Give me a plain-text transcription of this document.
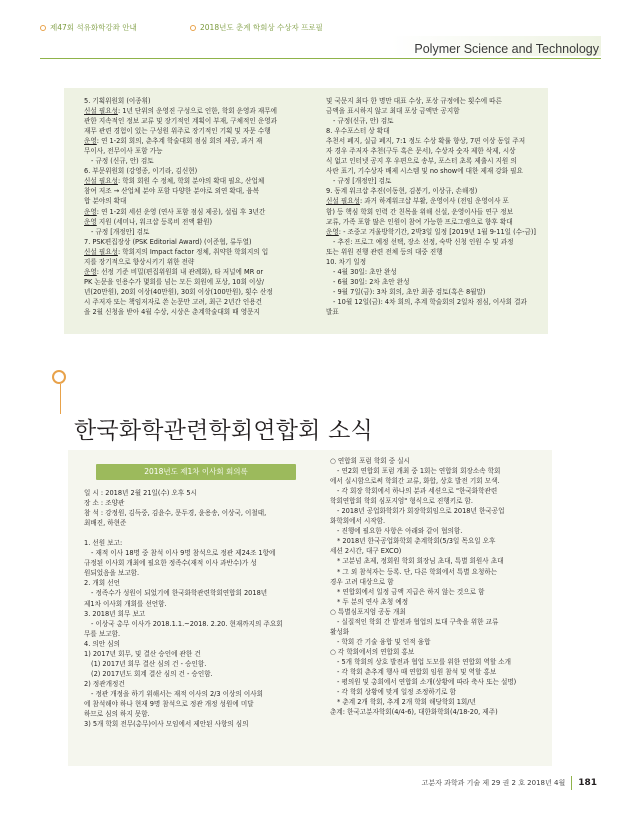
제47회 석유화학강좌 안내	2018년도 춘계 학회상 수상자 프로필
Polymer Science and Technology

5. 기획위원회 (이종휘)

신설 필요성: 1년 단위의 운영진 구성으로 인한, 학회 운영과 재무에

관한 지속적인 정보 교류 및 장기적인 계획이 부재, 구체적인 운영과

재무 관련 경험이 있는 구성원 위주로 장기적인 기획 및 자문 수행

운영: 연 1-2회 회의, 춘추계 학술대회 점심 회의 제공, 과거 재

무이사, 전무이사 포함 가능

- 규정 (신규, 안) 검토

6. 부문위원회 (강영종, 이기라, 김신현)

신설 필요성: 학회 회원 수 정체, 학회 분야의 확대 필요, 산업체

참여 저조 → 산업체 분야 포함 다양한 분야로 외연 확대, 융복

합 분야의 확대

운영: 연 1-2회 세션 운영 (연사 포함 점심 제공), 설립 후 3년간

운영 지원 (세미나, 워크샵 등록비 전액 환원)

- 규정 [개정안] 검토

7. PSK편집장상 (PSK Editorial Award) (이준협, 류두열)

신설 필요성: 학회지의 Impact factor 정체, 취약한 학회지의 입

지를 장기적으로 향상시키기 위한 전략

운영: 선정 기준 비밀(편집위원회 내 관례화), 타 저널에 MR or

PK 논문을 인용수가 몇회를 넘는 모든 회원에 포상, 10회 이상/

년(20만원), 20회 이상(40만원), 30회 이상(100만원), 횟수 산정

시 주저자 또는 책임저자로 쓴 논문만 고려, 최근 2년간 인용건

을 2월 신청을 받아 4월 수상, 시상은 춘계학술대회 때 영문지

및 국문지 최다 한 명만 대표 수상, 포상 규정에는 횟수에 따른

금액을 표시하지 않고 최대 포상 금액만 공지함

- 규정(신규, 안) 검토

8. 우수포스터 상 확대

추천서 폐지, 실급 폐지, 7:1 정도 수상 확률 향상, 7편 이상 동일 주저

자 경우 주저자 추천(구두 혹은 문서), 수상자 숫자 제한 삭제, 시상

식 없고 인터넷 공지 후 우편으로 송부, 포스터 초록 제출시 지원 의

사란 표기, 기수상자 배제 시스템 및 no show에 대한 제재 강화 필요

- 규정 [개정안] 검토

9. 동계 워크샵 추진(이동현, 김봉기, 이상규, 손해정)

신설 필요성: 과거 하계워크샵 부활, 운영이사 (전임 운영이사 포

함) 등 핵심 학회 인력 간 친목을 위해 신설, 운영이사들 연구 정보

교류, 가족 포함 많은 인원이 참여 가능한 프로그램으로 향후 확대

운영: - 조중고 겨울방학기간, 2박3일 일정 [2019년 1월 9-11일 (수-금)]

- 추진: 프로그 예정 선택, 장소 선정, 숙박 신청 인원 수 및 과정

또는 위원 진행 관련 전체 등의 대중 진행

10. 차기 일정

- 4월 30일: 초안 완성

- 6월 30일: 2차 초안 완성

- 9월 7일(금): 3차 회의, 초안 최종 검토(혹은 8월말)

- 10월 12일(금): 4차 회의, 추계 학술회의 2일차 점심, 이사회 결과

발표

한국화학관련학회연합회 소식
2018년도 제1차 이사회 회의록

일 시 : 2018년 2월 21일(수) 오후 5시

장 소 : 조양관

참 석 : 강정원, 김득중, 김윤수, 문두경, 윤용송, 이상국, 이철태,

최배진, 하현준

1. 선원 보고:

- 재적 이사 18명 중 참석 이사 9명 참석으로 정관 제24조 1항에

규정된 이사회 개최에 필요한 정족수(재적 이사 과반수)가 성

원되었음을 보고함.

2. 개회 선언

- 정족수가 성원이 되었기에 한국화학관련학회연합회 2018년

제1차 이사회 개회를 선언함.

3. 2018년 회무 보고

- 이상국 총무 이사가 2018.1.1.~2018. 2.20. 현재까지의 주요회

무를 보고함.

4. 의안 심의

1) 2017년 회무, 및 결산 승인에 관한 건

(1) 2017년 회무 결산 심의 건 - 승인함.

(2) 2017년도 회계 결산 심의 건 - 승인함.

2) 정관개정건

- 정관 개정을 하기 위해서는 재적 이사의 2/3 이상의 이사회

에 참석해야 하나 현재 9명 참석으로 정관 개정 성원에 미달

하므로 심의 하지 못함.

3) 5개 학회 전무(총무)이사 모임에서 제안된 사항의 심의

○ 연합회 포럼 학회 중 실시

- 연2회 연합회 포럼 개최 중 1회는 연합회 회장소속 학회

에서 실시함으로써 학회간 교류, 화합, 상호 발전 기회 모색.

- 각 회장 학회에서 하나의 분과 세션으로 "한국화학관련

학회연합회 학회 심포지엄" 형식으로 진행키로 함.

- 2018년 공업화학회가 회장학회임으로 2018년 한국공업

화학회에서 시작함.

- 진행에 필요한 사항은 아래와 같이 협의함.

* 2018년 한국공업화학회 춘계학회(5/3일 목요일 오후

세션 2시간, 대구 EXCO)

* 고분넘 초제, 정회원 학회 회장님 초대, 특별 회원사 초대

* 그 외 참석자는 등록. 단, 다른 학회에서 특별 요청하는

경우 고려 대상으로 함

* 연합회에서 일정 금액 지급은 하지 않는 것으로 함

* 두 분의 연사 초청 예정

○ 특별심포지엄 공동 개최

- 실질적인 학회 간 발전과 협업의 토대 구축을 위한 교류

활성화

- 학회 간 기술 융합 및 인적 융합

○ 각 학회에서의 연합회 홍보

- 5개 학회의 상호 발전과 협업 도모를 위한 연합회 역할 소개

- 각 학회 춘추계 행사 때 연합회 임원 참석 및 역할 홍보

- 평의원 및 총회에서 연합회 소개(상황에 따라 축사 또는 설명)

- 각 학회 상황에 맞게 일정 조정하기로 함

* 춘계 2개 학회, 추계 2개 학회 해당학회 1회/년

춘계: 한국고분자학회(4/4-6), 대한화학회(4/18-20, 제주)

고분자 과학과 기술 제 29 권 2 호 2018년 4월 181
